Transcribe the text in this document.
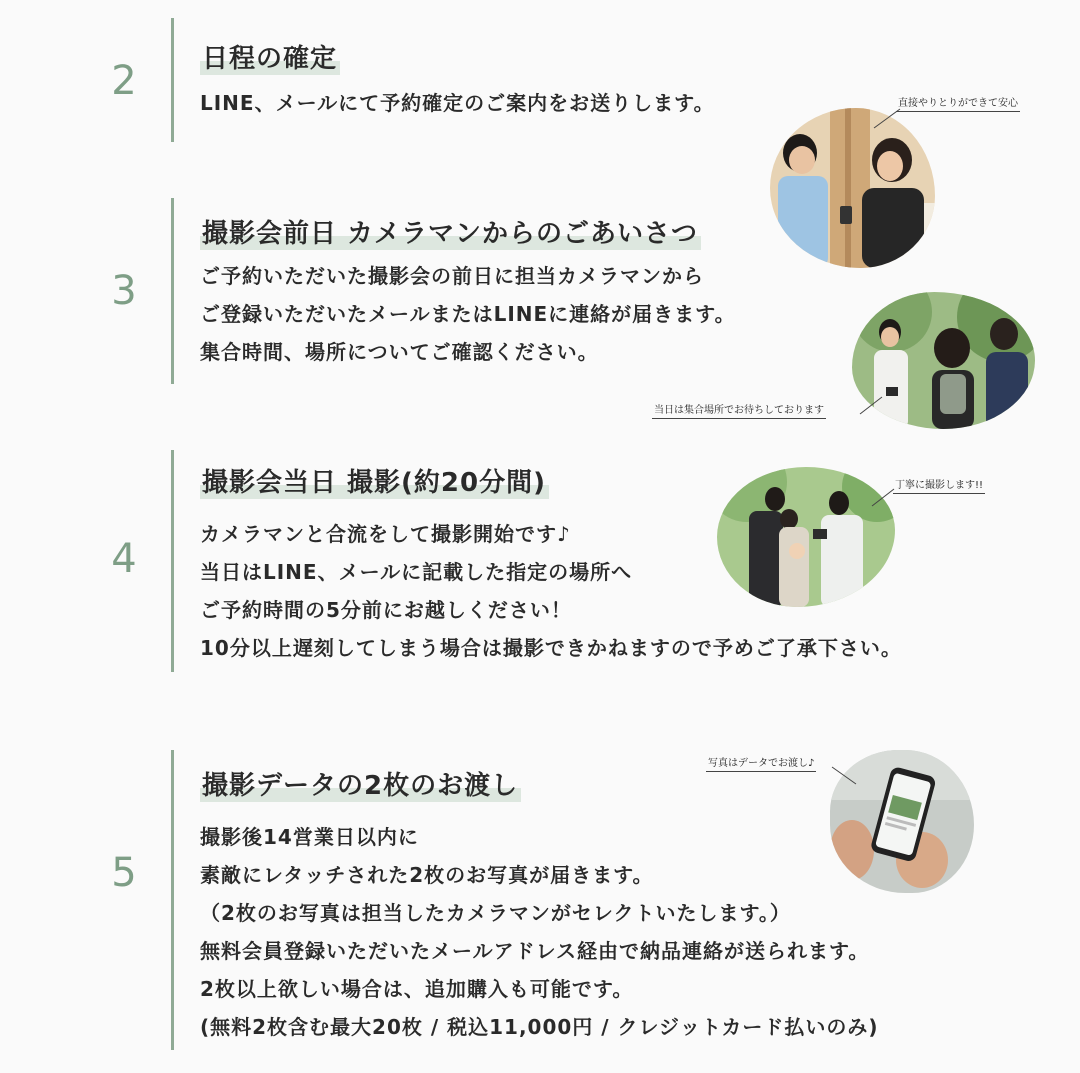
2	日程の確定
LINE、メールにて予約確定のご案内をお送りします。	直接やりとりができて安心
3
撮影会前日 カメラマンからのごあいさつ
ご予約いただいた撮影会の前日に担当カメラマンから
ご登録いただいたメールまたはLINEに連絡が届きます。
集合時間、場所についてご確認ください。
当日は集合場所でお待ちしております
4
撮影会当日 撮影(約20分間)
カメラマンと合流をして撮影開始です♪
当日はLINE、メールに記載した指定の場所へ
ご予約時間の5分前にお越しください！
10分以上遅刻してしまう場合は撮影できかねますので予めご了承下さい。
丁寧に撮影します!!
5
撮影データの2枚のお渡し
撮影後14営業日以内に
素敵にレタッチされた2枚のお写真が届きます。
（2枚のお写真は担当したカメラマンがセレクトいたします。）
無料会員登録いただいたメールアドレス経由で納品連絡が送られます。
2枚以上欲しい場合は、追加購入も可能です。
(無料2枚含む最大20枚 / 税込11,000円 / クレジットカード払いのみ)
写真はデータでお渡し♪
